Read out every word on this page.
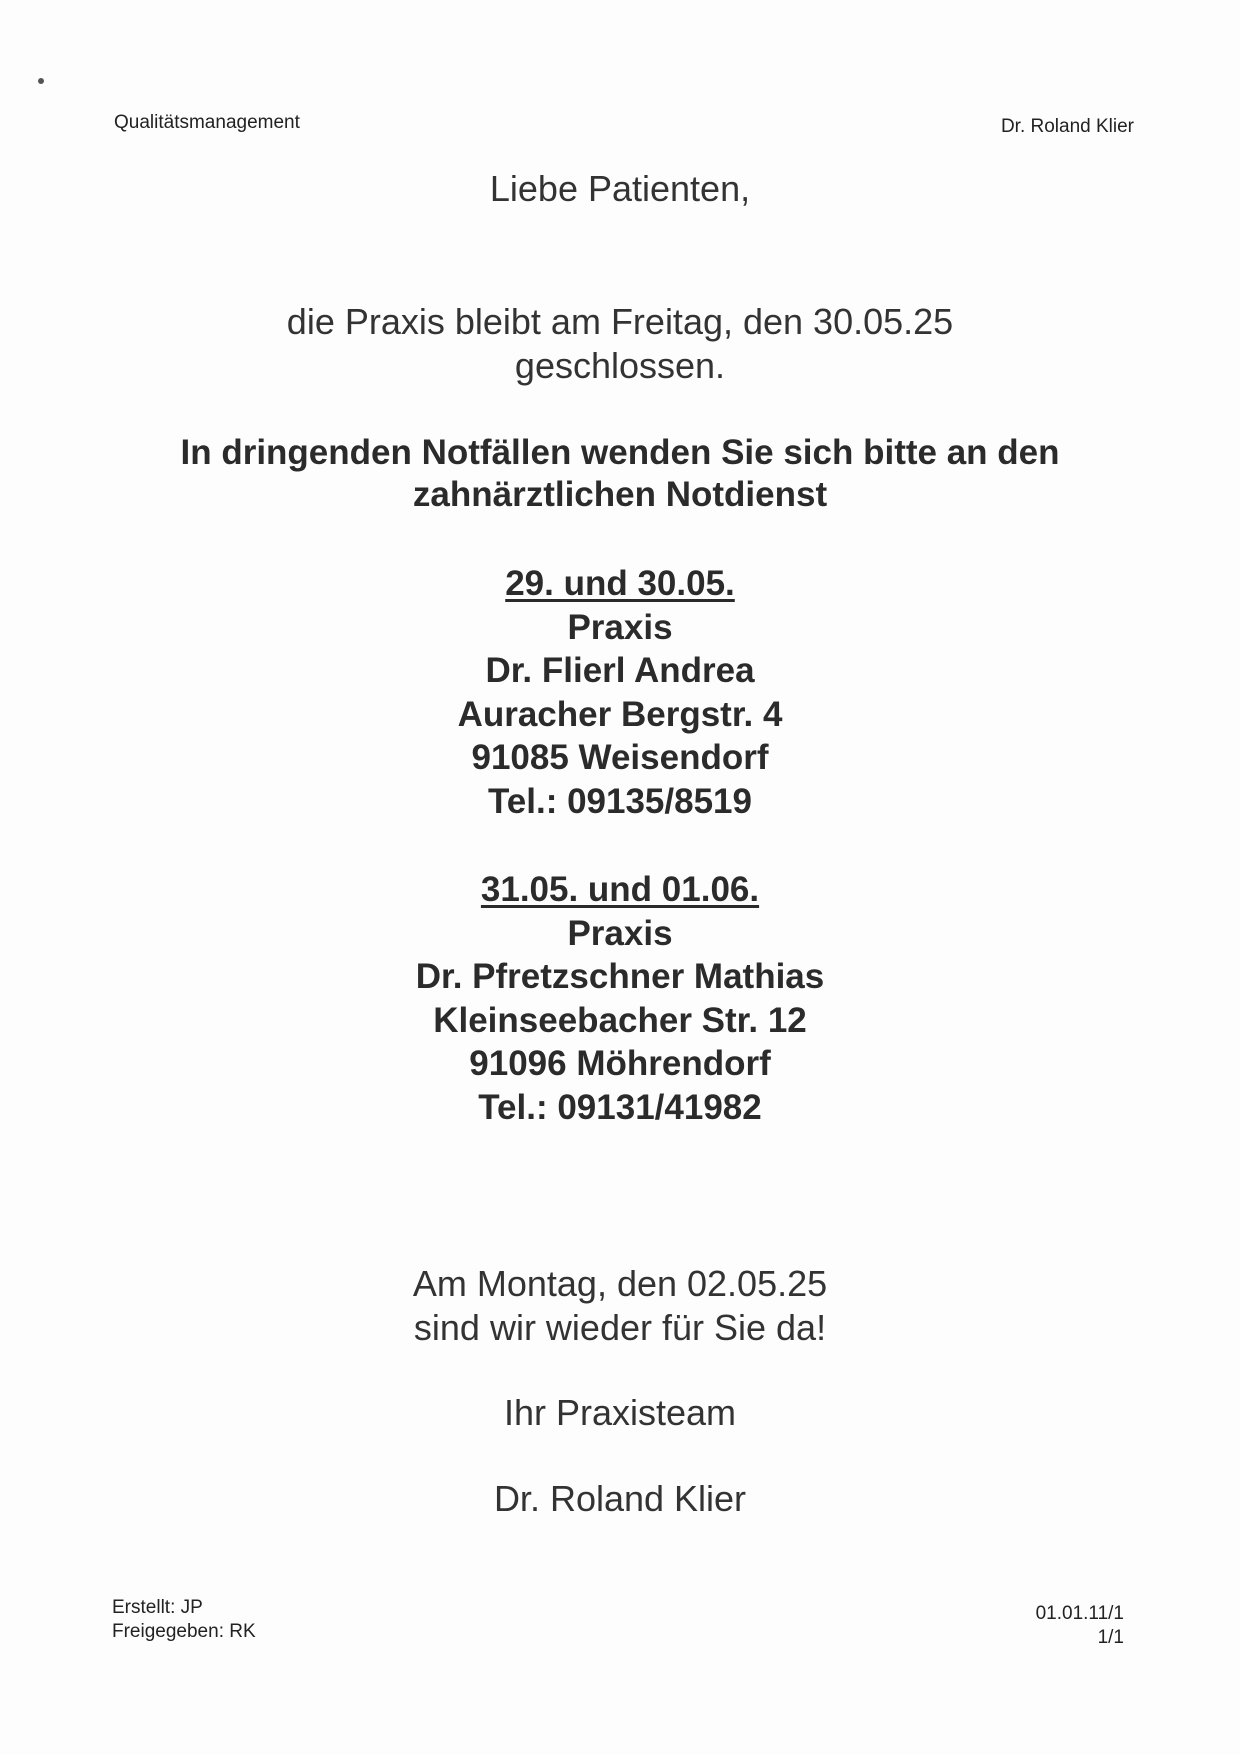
Qualitätsmanagement	Dr. Roland Klier
Liebe Patienten,
die Praxis bleibt am Freitag, den 30.05.25
geschlossen.
In dringenden Notfällen wenden Sie sich bitte an den
zahnärztlichen Notdienst
29. und 30.05.
Praxis
Dr. Flierl Andrea
Auracher Bergstr. 4
91085 Weisendorf
Tel.: 09135/8519
31.05. und 01.06.
Praxis
Dr. Pfretzschner Mathias
Kleinseebacher Str. 12
91096 Möhrendorf
Tel.: 09131/41982
Am Montag, den 02.05.25
sind wir wieder für Sie da!
Ihr Praxisteam
Dr. Roland Klier
Erstellt: JP
Freigegeben: RK
01.01.11/1
1/1
